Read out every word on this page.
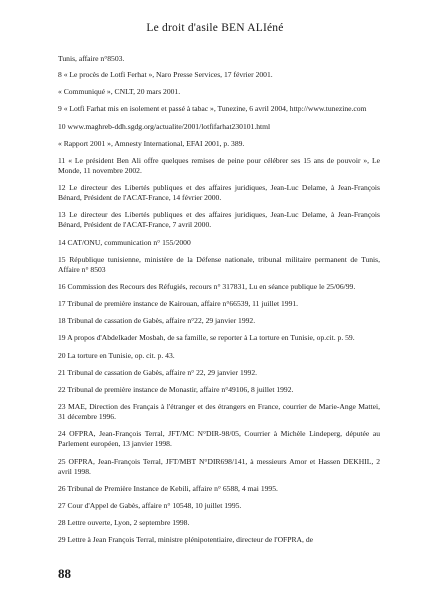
Le droit d'asile BEN ALIéné

Tunis, affaire n°8503.

8 « Le procès de Lotfi Ferhat », Naro Presse Services, 17 février 2001.

« Communiqué », CNLT, 20 mars 2001.

9 « Lotfi Farhat mis en isolement et passé à tabac », Tunezine, 6 avril 2004, http://www.tunezine.com

10 www.maghreb-ddh.sgdg.org/actualite/2001/lotfifarhat230101.html

« Rapport 2001 », Amnesty International, EFAI 2001, p. 389.

11 « Le président Ben Ali offre quelques remises de peine pour célébrer ses 15 ans de pouvoir », Le Monde, 11 novembre 2002.

12 Le directeur des Libertés publiques et des affaires juridiques, Jean-Luc Delame, à Jean-François Bénard, Président de l'ACAT-France, 14 février 2000.

13 Le directeur des Libertés publiques et des affaires juridiques, Jean-Luc Delame, à Jean-François Bénard, Président de l'ACAT-France, 7 avril 2000.

14 CAT/ONU, communication n° 155/2000

15 République tunisienne, ministère de la Défense nationale, tribunal militaire permanent de Tunis, Affaire n° 8503

16 Commission des Recours des Réfugiés, recours n° 317831, Lu en séance publique le 25/06/99.

17 Tribunal de première instance de Kairouan, affaire n°66539, 11 juillet 1991.

18 Tribunal de cassation de Gabès, affaire n°22, 29 janvier 1992.

19 A propos d'Abdelkader Mosbah, de sa famille, se reporter à La torture en Tunisie, op.cit. p. 59.

20 La torture en Tunisie, op. cit. p. 43.

21 Tribunal de cassation de Gabès, affaire n° 22, 29 janvier 1992.

22 Tribunal de première instance de Monastir, affaire n°49106, 8 juillet 1992.

23 MAE, Direction des Français à l'étranger et des étrangers en France, courrier de Marie-Ange Mattei, 31 décembre 1996.

24 OFPRA, Jean-François Terral, JFT/MC N°DIR-98/05, Courrier à Michèle Lindeperg, députée au Parlement européen, 13 janvier 1998.

25 OFPRA, Jean-François Terral, JFT/MBT N°DIR698/141, à messieurs Amor et Hassen DEKHIL, 2 avril 1998.

26 Tribunal de Première Instance de Kebili, affaire n° 6588, 4 mai 1995.

27 Cour d'Appel de Gabès, affaire n° 10548, 10 juillet 1995.

28 Lettre ouverte, Lyon, 2 septembre 1998.

29 Lettre à Jean François Terral, ministre plénipotentiaire, directeur de l'OFPRA, de

88
